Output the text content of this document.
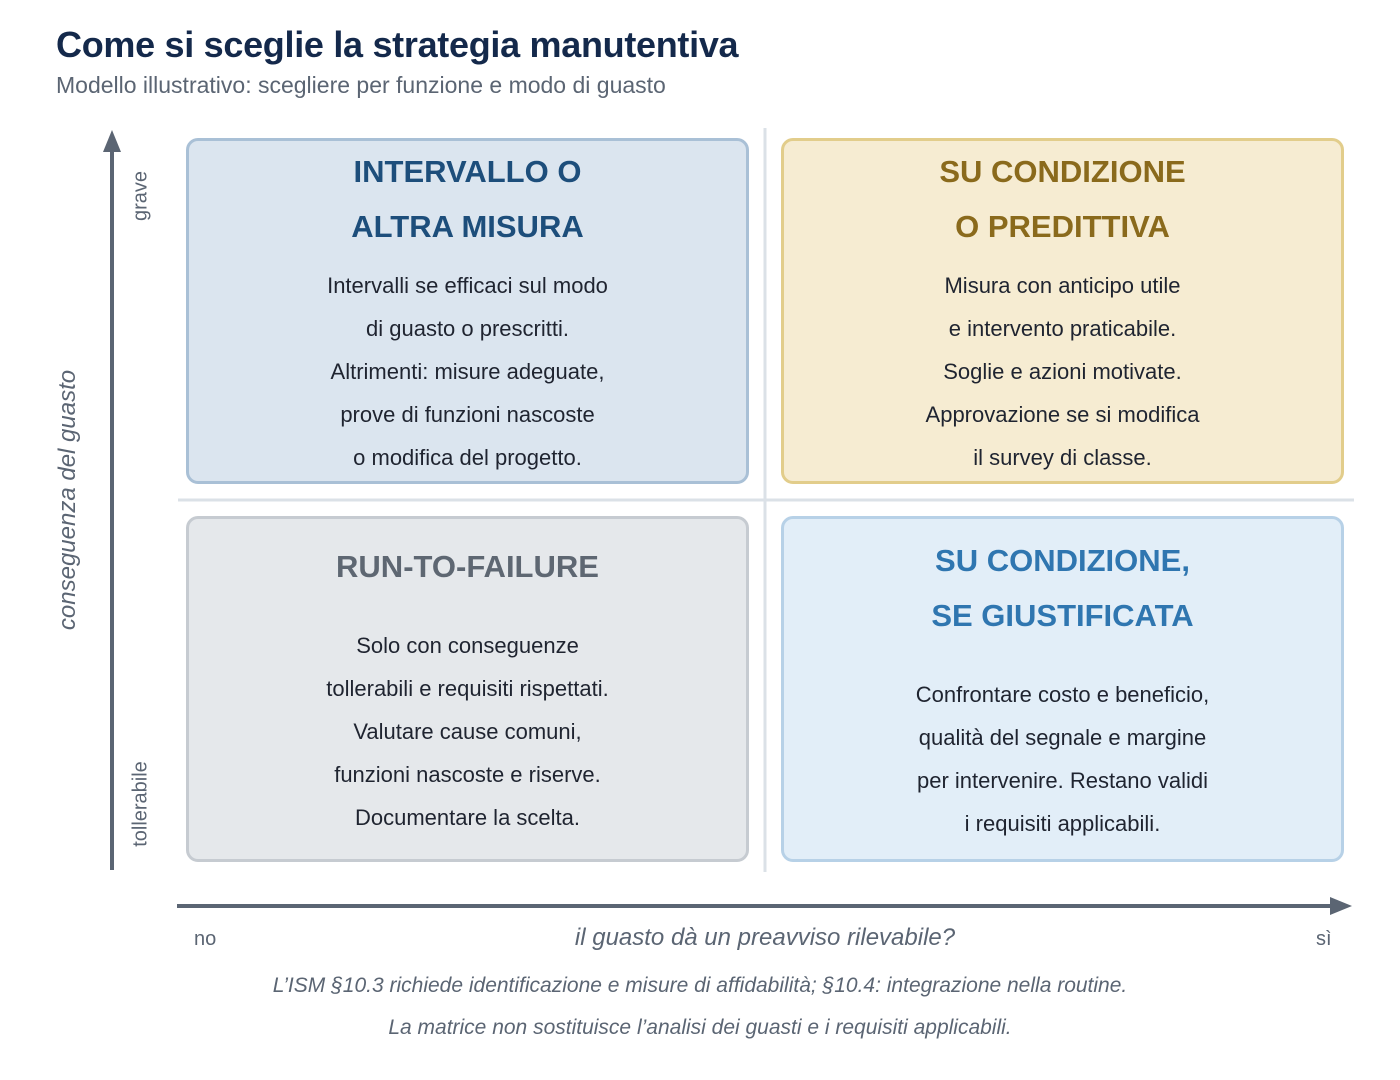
Come si sceglie la strategia manutentiva
Modello illustrativo: scegliere per funzione e modo di guasto
conseguenza del guasto
grave
tollerabile
INTERVALLO O
ALTRA MISURA
Intervalli se efficaci sul modo
di guasto o prescritti.
Altrimenti: misure adeguate,
prove di funzioni nascoste
o modifica del progetto.
SU CONDIZIONE
O PREDITTIVA
Misura con anticipo utile
e intervento praticabile.
Soglie e azioni motivate.
Approvazione se si modifica
il survey di classe.
RUN-TO-FAILURE
Solo con conseguenze
tollerabili e requisiti rispettati.
Valutare cause comuni,
funzioni nascoste e riserve.
Documentare la scelta.
SU CONDIZIONE,
SE GIUSTIFICATA
Confrontare costo e beneficio,
qualità del segnale e margine
per intervenire. Restano validi
i requisiti applicabili.
no	il guasto dà un preavviso rilevabile?	sì
L’ISM §10.3 richiede identificazione e misure di affidabilità; §10.4: integrazione nella routine.
La matrice non sostituisce l’analisi dei guasti e i requisiti applicabili.
